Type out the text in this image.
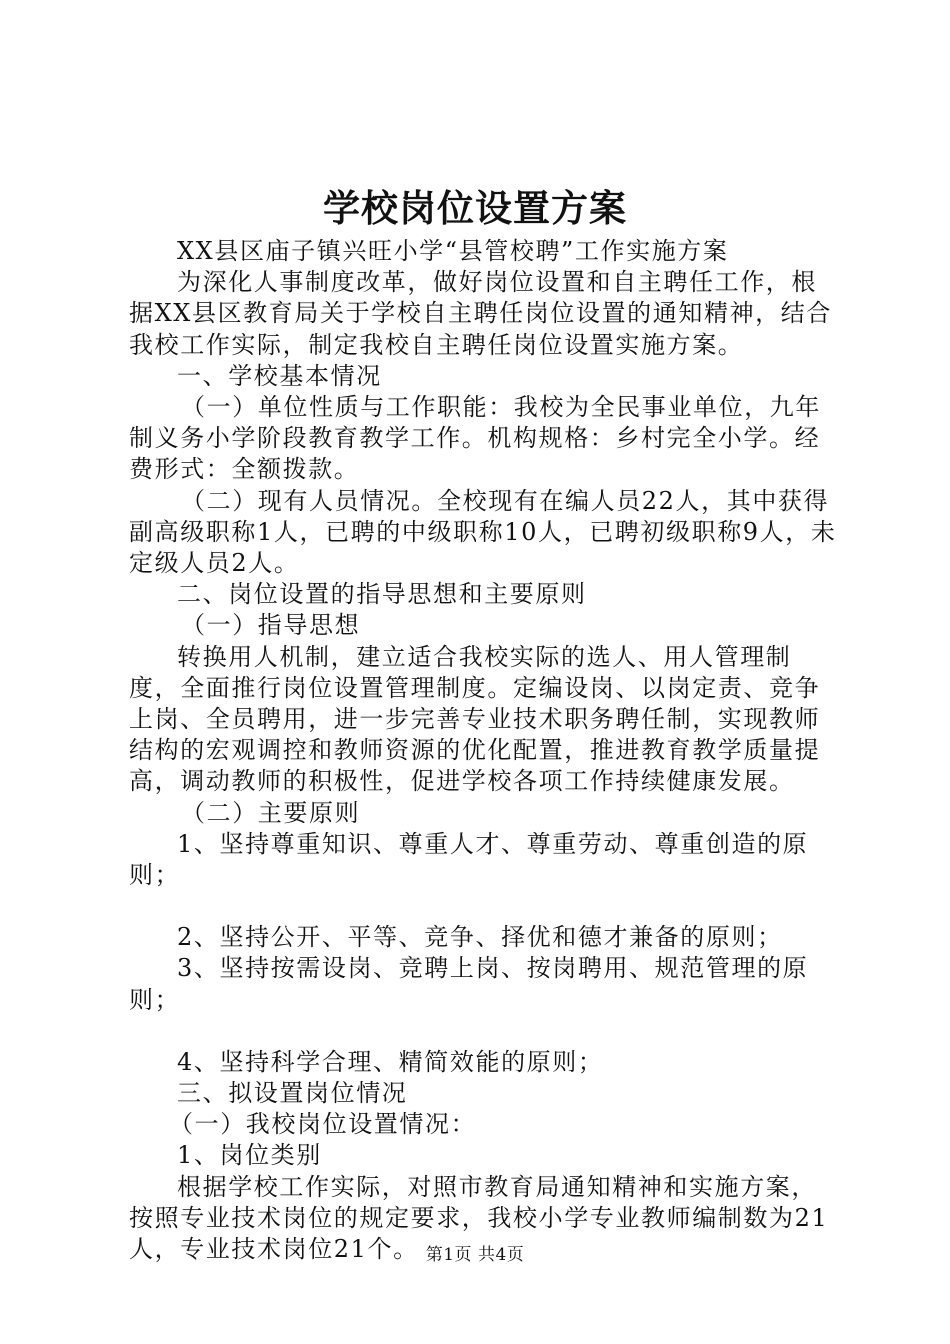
学校岗位设置方案

XX县区庙子镇兴旺小学“县管校聘”工作实施方案

为深化人事制度改革，做好岗位设置和自主聘任工作，根据XX县区教育局关于学校自主聘任岗位设置的通知精神，结合我校工作实际，制定我校自主聘任岗位设置实施方案。

一、学校基本情况

（一）单位性质与工作职能：我校为全民事业单位，九年制义务小学阶段教育教学工作。机构规格：乡村完全小学。经费形式：全额拨款。

（二）现有人员情况。全校现有在编人员22人，其中获得副高级职称1人，已聘的中级职称10人，已聘初级职称9人，未定级人员2人。

二、岗位设置的指导思想和主要原则

（一）指导思想

转换用人机制，建立适合我校实际的选人、用人管理制度，全面推行岗位设置管理制度。定编设岗、以岗定责、竞争上岗、全员聘用，进一步完善专业技术职务聘任制，实现教师结构的宏观调控和教师资源的优化配置，推进教育教学质量提高，调动教师的积极性，促进学校各项工作持续健康发展。

（二）主要原则

1、坚持尊重知识、尊重人才、尊重劳动、尊重创造的原则；

2、坚持公开、平等、竞争、择优和德才兼备的原则；

3、坚持按需设岗、竞聘上岗、按岗聘用、规范管理的原则；

4、坚持科学合理、精简效能的原则；

三、拟设置岗位情况

（一）我校岗位设置情况：

1、岗位类别

根据学校工作实际，对照市教育局通知精神和实施方案，按照专业技术岗位的规定要求，我校小学专业教师编制数为21人，专业技术岗位21个。 第1页 共4页
